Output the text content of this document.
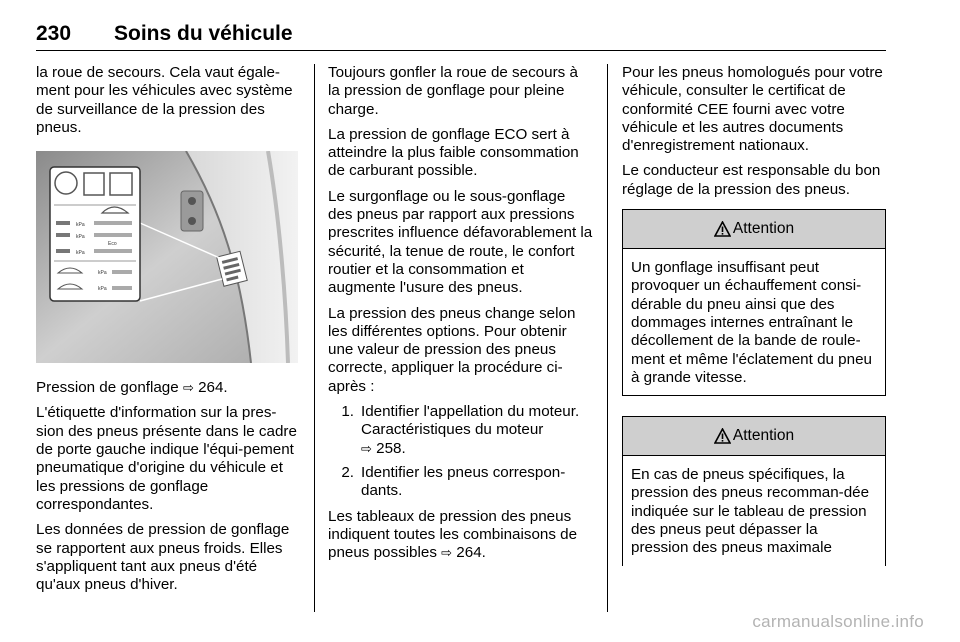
230 Soins du véhicule

la roue de secours. Cela vaut égale-ment pour les véhicules avec système de surveillance de la pression des pneus.

kPa
kPa
Eco
kPa
kPa
kPa

Pression de gonflage ⇨ 264.

L'étiquette d'information sur la pres-sion des pneus présente dans le cadre de porte gauche indique l'équi-pement pneumatique d'origine du véhicule et les pressions de gonflage correspondantes.

Les données de pression de gonflage se rapportent aux pneus froids. Elles s'appliquent tant aux pneus d'été qu'aux pneus d'hiver.

Toujours gonfler la roue de secours à la pression de gonflage pour pleine charge.

La pression de gonflage ECO sert à atteindre la plus faible consommation de carburant possible.

Le surgonflage ou le sous-gonflage des pneus par rapport aux pressions prescrites influence défavorablement la sécurité, la tenue de route, le confort routier et la consommation et augmente l'usure des pneus.

La pression des pneus change selon les différentes options. Pour obtenir une valeur de pression des pneus correcte, appliquer la procédure ci-après :

1. Identifier l'appellation du moteur. Caractéristiques du moteur
⇨ 258.
2. Identifier les pneus correspon-dants.

Les tableaux de pression des pneus indiquent toutes les combinaisons de pneus possibles ⇨ 264.

Pour les pneus homologués pour votre véhicule, consulter le certificat de conformité CEE fourni avec votre véhicule et les autres documents d'enregistrement nationaux.

Le conducteur est responsable du bon réglage de la pression des pneus.

Attention
Un gonflage insuffisant peut provoquer un échauffement consi-dérable du pneu ainsi que des dommages internes entraînant le décollement de la bande de roule-ment et même l'éclatement du pneu à grande vitesse.
Attention
En cas de pneus spécifiques, la pression des pneus recomman-dée indiquée sur le tableau de pression des pneus peut dépasser la pression des pneus maximale
carmanualsonline.info
